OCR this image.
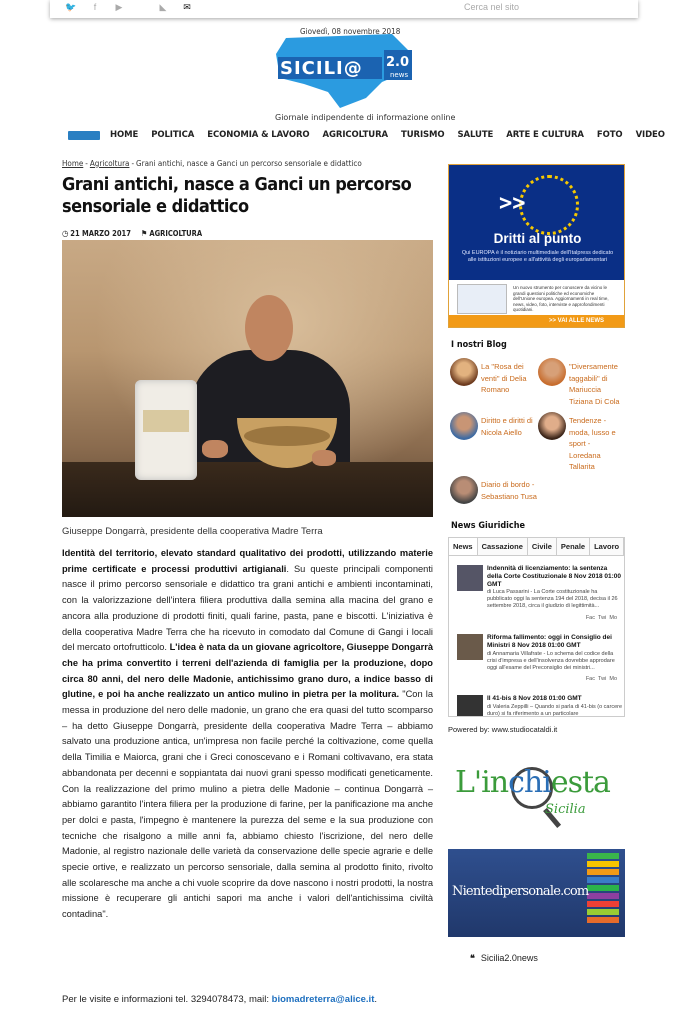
🐦	f	▶	◣	✉	Cerca nel sito
Giovedì, 08 novembre 2018
SICILI@ 2.0
news
Giornale indipendente di informazione online
HOME POLITICA ECONOMIA & LAVORO AGRICOLTURA TURISMO SALUTE ARTE E CULTURA FOTO VIDEO
Home - Agricoltura - Grani antichi, nasce a Ganci un percorso sensoriale e didattico
Grani antichi, nasce a Ganci un percorso sensoriale e didattico
◷ 21 MARZO 2017 ⚑ AGRICOLTURA
Giuseppe Dongarrà, presidente della cooperativa Madre Terra
Identità del territorio, elevato standard qualitativo dei prodotti, utilizzando materie prime certificate e processi produttivi artigianali. Su queste principali componenti nasce il primo percorso sensoriale e didattico tra grani antichi e ambienti incontaminati, con la valorizzazione dell'intera filiera produttiva dalla semina alla macina del grano e ancora alla produzione di prodotti finiti, quali farine, pasta, pane e biscotti. L'iniziativa è della cooperativa Madre Terra che ha ricevuto in comodato dal Comune di Gangi i locali del mercato ortofrutticolo. L'idea è nata da un giovane agricoltore, Giuseppe Dongarrà che ha prima convertito i terreni dell'azienda di famiglia per la produzione, dopo circa 80 anni, del nero delle Madonie, antichissimo grano duro, a indice basso di glutine, e poi ha anche realizzato un antico mulino in pietra per la molitura. "Con la messa in produzione del nero delle madonie, un grano che era quasi del tutto scomparso – ha detto Giuseppe Dongarrà, presidente della cooperativa Madre Terra – abbiamo salvato una produzione antica, un'impresa non facile perché la coltivazione, come quella della Timilia e Maiorca, grani che i Greci conoscevano e i Romani coltivavano, era stata abbandonata per decenni e soppiantata dai nuovi grani spesso modificati geneticamente. Con la realizzazione del primo mulino a pietra delle Madonie – continua Dongarrà – abbiamo garantito l'intera filiera per la produzione di farine, per la panificazione ma anche per dolci e pasta, l'impegno è mantenere la purezza del seme e la sua produzione con tecniche che risalgono a mille anni fa, abbiamo chiesto l'iscrizione, del nero delle Madonie, al registro nazionale delle varietà da conservazione delle specie agrarie e delle specie ortive, e realizzato un percorso sensoriale, dalla semina al prodotto finito, rivolto alle scolaresche ma anche a chi vuole scoprire da dove nascono i nostri prodotti, la nostra missione è recuperare gli antichi sapori ma anche i valori dell'antichissima civiltà contadina".
Per le visite e informazioni tel. 3294078473, mail: biomadreterra@alice.it.
>>
Dritti al punto
Qui EUROPA è il notiziario multimediale dell'Italpress dedicato alle istituzioni europee e all'attività degli europarlamentari
Un nuovo strumento per conoscere da vicino le grandi questioni politiche ed economiche dell'Unione europea. Aggiornamenti in real time, news, video, foto, interviste e approfondimenti quotidiani.
>> VAI ALLE NEWS
I nostri Blog
La "Rosa dei venti" di Delia Romano
"Diversamente taggabili" di Mariuccia Tiziana Di Cola
Diritto e diritti di Nicola Aiello
Tendenze - moda, lusso e sport - Loredana Tallarita
Diario di bordo - Sebastiano Tusa
News Giuridiche
News	Cassazione	Civile	Penale	Lavoro
Indennità di licenziamento: la sentenza della Corte Costituzionale 8 Nov 2018 01:00 GMT
di Luca Passarini - La Corte costituzionale ha pubblicato oggi la sentenza 194 del 2018, decisa il 26 settembre 2018, circa il giudizio di legittimità...
Fac Twi Mo
Riforma fallimento: oggi in Consiglio dei Ministri 8 Nov 2018 01:00 GMT
di Annamaria Villafrate - Lo schema del codice della crisi d'impresa e dell'insolvenza dovrebbe approdare oggi all'esame del Preconsiglio dei ministri...
Fac Twi Mo
Il 41-bis 8 Nov 2018 01:00 GMT
di Valeria Zeppilli – Quando si parla di 41-bis (o carcere duro) si fa riferimento a un particolare
Powered by: www.studiocataldi.it
L'inchiesta
Sicilia
Nientedipersonale.com
❝ Sicilia2.0news
